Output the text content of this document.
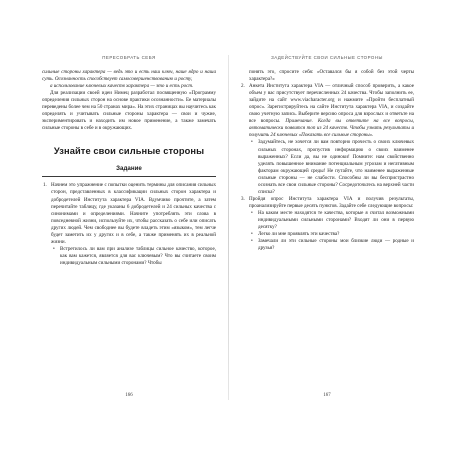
ПЕРЕСОБРАТЬ СЕБЯ

сильные стороны характера — ведь это и есть наш ключ, наше ядро и наша суть. Осознанность способствует самосовершенствованию и росту,

а использование ключевых качеств характера — это и есть рост.

Для реализации своей идеи Нимец разработал посвященную «Программу определения сильных сторон на основе практики осознанности». Ее материалы переведены более чем на 50 странах мира». На этих страницах вы научитесь как определять и учитывать сильные стороны характера — свои и чужие, экспериментировать и находить им новое применение, а также замечать сильные стороны в себе и в окружающих.

Узнайте свои сильные стороны
Задание
1. Начнем это упражнение с попытки оценить термины для описания сильных сторон, представленных в классификации сильных сторон характера и добродетелей Института характера VIA. Вдумчиво прочтите, а затем перечитайте таблицу, где указаны 6 добродетелей и 24 сильных качества с синонимами и определениями. Начните употреблять эти слова в повседневной жизни, используйте их, чтобы рассказать о себе или описать других людей. Чем свободнее вы будете владеть этим «языком», тем легче будет заметить их у других и в себе, а также применять их в реальной жизни.
• Встретилось ли вам при анализе таблицы сильное качество, которое, как вам кажется, является для вас ключевым? Что вы считаете своим индивидуальным сильными сторонами? Чтобы
166
ЗАДЕЙСТВУЙТЕ СВОИ СИЛЬНЫЕ СТОРОНЫ

понять это, спросите себя: «Оставался бы я собой без этой черты характера?»

2. Анкета Института характера VIA — отличный способ проверить, а какое объем у вас присутствует перечисленных 24 качества. Чтобы заполнить ее, зайдите на сайт www.viacharacter.org и нажмите «Пройти бесплатный опрос». Зарегистрируйтесь на сайте Института характера VIA, и создайте свою учетную запись. Выберите версию опроса для взрослых и ответьте на все вопросы. Примечание. Когда вы ответите на все вопросы, автоматически появится топ из 24 качеств. Чтобы узнать результаты и получить 24 ключевых «Показать все сильные стороны».
• Задумайтесь, не хочется ли вам повторно прочесть о своих ключевых сильных сторонах, пропустив информацию о своих наименее выраженных? Если да, вы не одиноки! Помните: нам свойственно уделять повышенное внимание потенциальным угрозам и негативным факторам окружающей среды! Не путайте, что наименее выраженные сильные стороны — не слабости. Способны ли вы беспристрастно осознать все свои сильные стороны? Сосредоточьтесь на верхней части списка?
3. Пройдя опрос Института характера VIA и получив результаты, проанализируйте первые десять пунктов. Задайте себе следующие вопросы:
• На каком месте находятся те качества, которые я считал возможными индивидуальными сильными сторонами? Входят ли они в первую десятку?
• Легко ли мне проявлять эти качества?
• Замечали ли эти сильные стороны мои близкие люди — родные и друзья?
167
